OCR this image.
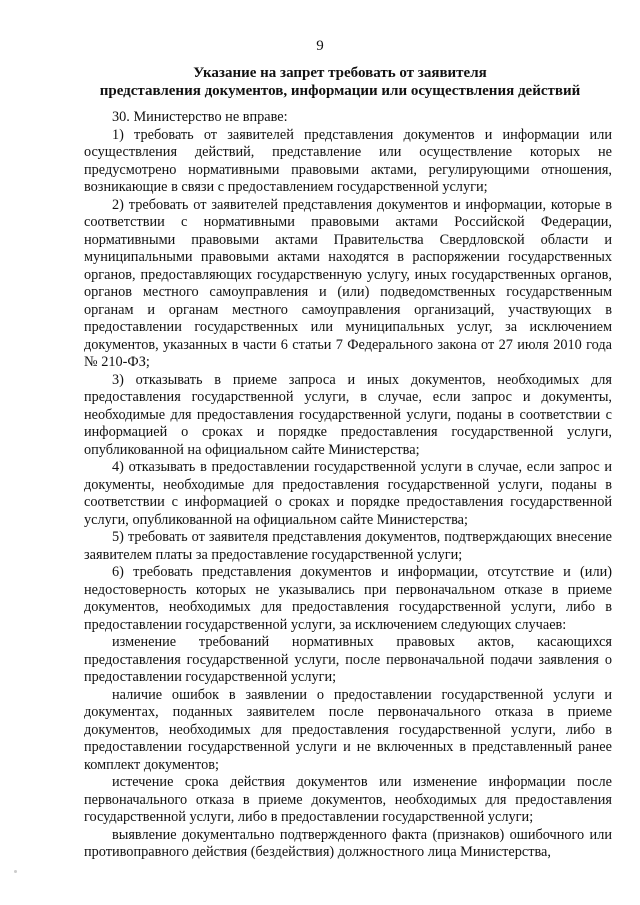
9
Указание на запрет требовать от заявителя
представления документов, информации или осуществления действий

30. Министерство не вправе:

1) требовать от заявителей представления документов и информации или осуществления действий, представление или осуществление которых не предусмотрено нормативными правовыми актами, регулирующими отношения, возникающие в связи с предоставлением государственной услуги;

2) требовать от заявителей представления документов и информации, которые в соответствии с нормативными правовыми актами Российской Федерации, нормативными правовыми актами Правительства Свердловской области и муниципальными правовыми актами находятся в распоряжении государственных органов, предоставляющих государственную услугу, иных государственных органов, органов местного самоуправления и (или) подведомственных государственным органам и органам местного самоуправления организаций, участвующих в предоставлении государственных или муниципальных услуг, за исключением документов, указанных в части 6 статьи 7 Федерального закона от 27 июля 2010 года № 210-ФЗ;

3) отказывать в приеме запроса и иных документов, необходимых для предоставления государственной услуги, в случае, если запрос и документы, необходимые для предоставления государственной услуги, поданы в соответствии с информацией о сроках и порядке предоставления государственной услуги, опубликованной на официальном сайте Министерства;

4) отказывать в предоставлении государственной услуги в случае, если запрос и документы, необходимые для предоставления государственной услуги, поданы в соответствии с информацией о сроках и порядке предоставления государственной услуги, опубликованной на официальном сайте Министерства;

5) требовать от заявителя представления документов, подтверждающих внесение заявителем платы за предоставление государственной услуги;

6) требовать представления документов и информации, отсутствие и (или) недостоверность которых не указывались при первоначальном отказе в приеме документов, необходимых для предоставления государственной услуги, либо в предоставлении государственной услуги, за исключением следующих случаев:

изменение требований нормативных правовых актов, касающихся предоставления государственной услуги, после первоначальной подачи заявления о предоставлении государственной услуги;

наличие ошибок в заявлении о предоставлении государственной услуги и документах, поданных заявителем после первоначального отказа в приеме документов, необходимых для предоставления государственной услуги, либо в предоставлении государственной услуги и не включенных в представленный ранее комплект документов;

истечение срока действия документов или изменение информации после первоначального отказа в приеме документов, необходимых для предоставления государственной услуги, либо в предоставлении государственной услуги;

выявление документально подтвержденного факта (признаков) ошибочного или противоправного действия (бездействия) должностного лица Министерства,
